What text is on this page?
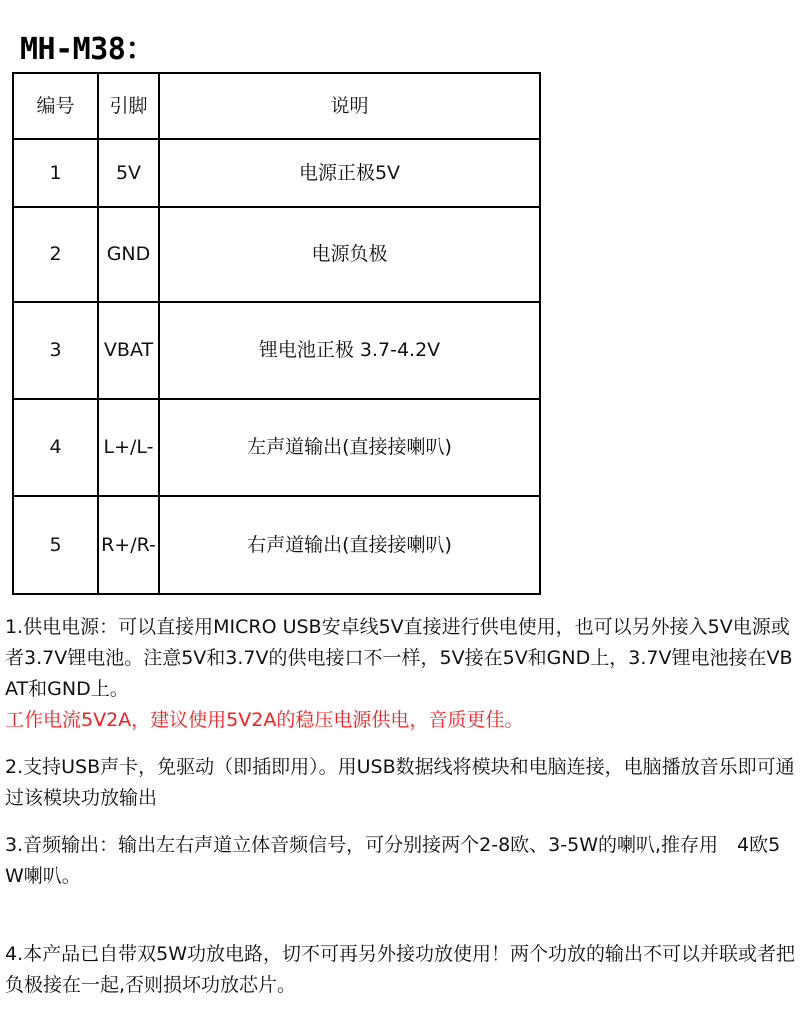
MH-M38：
编号	引脚	说明
1	5V	电源正极5V
2	GND	电源负极
3	VBAT	锂电池正极 3.7-4.2V
4	L+/L-	左声道输出(直接接喇叭)
5	R+/R-	右声道输出(直接接喇叭)

1.供电电源：可以直接用MICRO USB安卓线5V直接进行供电使用，也可以另外接入5V电源或者3.7V锂电池。注意5V和3.7V的供电接口不一样，5V接在5V和GND上，3.7V锂电池接在VBAT和GND上。

工作电流5V2A，建议使用5V2A的稳压电源供电，音质更佳。

2.支持USB声卡，免驱动（即插即用）。用USB数据线将模块和电脑连接，电脑播放音乐即可通过该模块功放输出

3.音频输出：输出左右声道立体音频信号，可分别接两个2-8欧、3-5W的喇叭,推存用　4欧5W喇叭。

4.本产品已自带双5W功放电路，切不可再另外接功放使用！两个功放的输出不可以并联或者把负极接在一起,否则损坏功放芯片。
